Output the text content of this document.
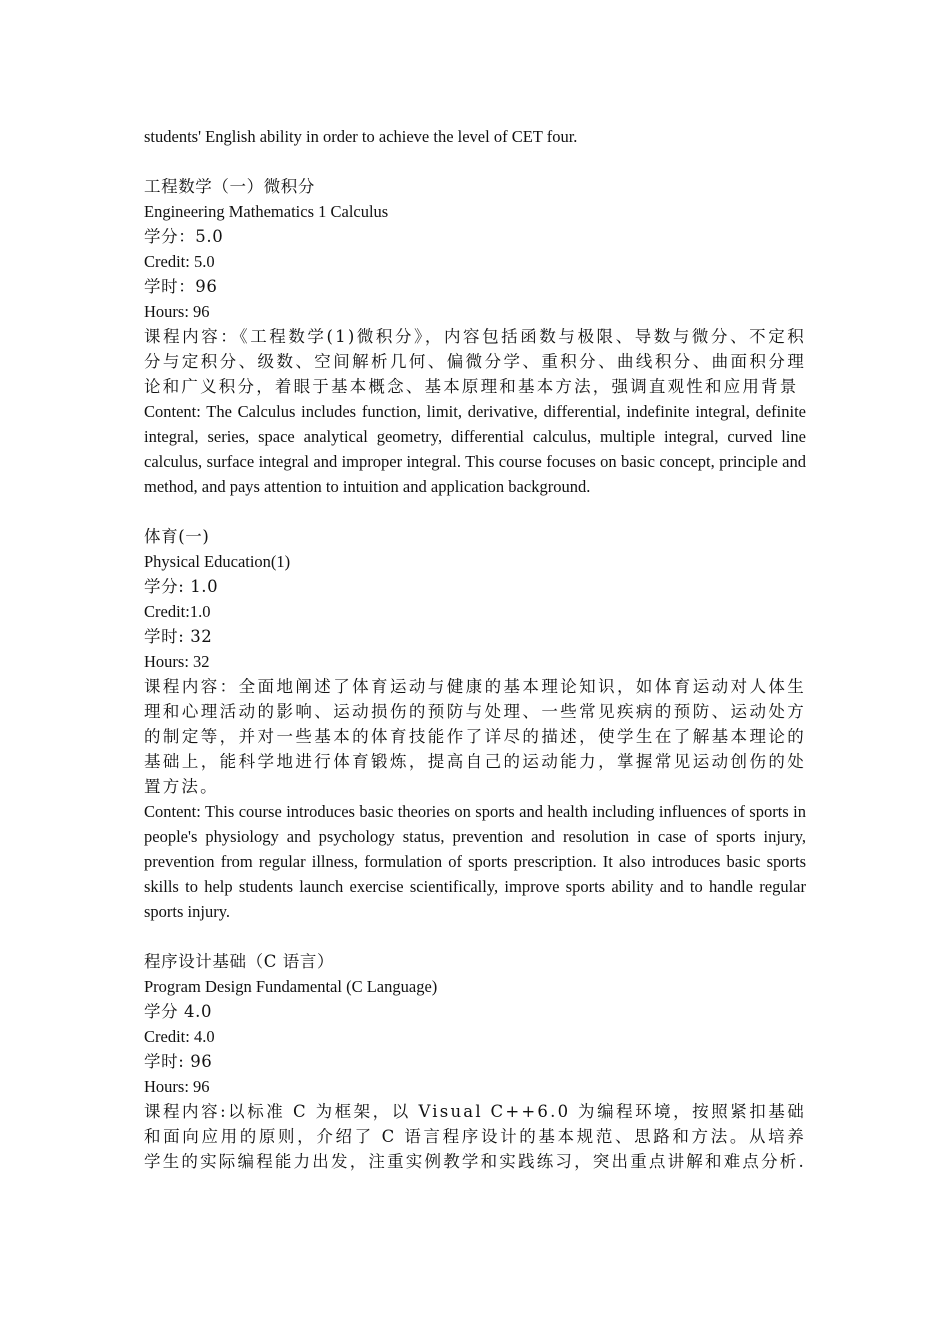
students' English ability in order to achieve the level of CET four.
工程数学（一）微积分
Engineering Mathematics 1 Calculus
学分：5.0
Credit: 5.0
学时：96
Hours: 96
课程内容：《工程数学(1)微积分》，内容包括函数与极限、导数与微分、不定积分与定积分、级数、空间解析几何、偏微分学、重积分、曲线积分、曲面积分理论和广义积分，着眼于基本概念、基本原理和基本方法，强调直观性和应用背景
Content: The Calculus includes function, limit, derivative, differential, indefinite integral, definite integral, series, space analytical geometry, differential calculus, multiple integral, curved line calculus, surface integral and improper integral. This course focuses on basic concept, principle and method, and pays attention to intuition and application background.
体育(一)
Physical Education(1)
学分: 1.0
Credit:1.0
学时: 32
Hours: 32
课程内容：全面地阐述了体育运动与健康的基本理论知识，如体育运动对人体生理和心理活动的影响、运动损伤的预防与处理、一些常见疾病的预防、运动处方的制定等，并对一些基本的体育技能作了详尽的描述，使学生在了解基本理论的基础上，能科学地进行体育锻炼，提高自己的运动能力，掌握常见运动创伤的处置方法。
Content: This course introduces basic theories on sports and health including influences of sports in people's physiology and psychology status, prevention and resolution in case of sports injury, prevention from regular illness, formulation of sports prescription. It also introduces basic sports skills to help students launch exercise scientifically, improve sports ability and to handle regular sports injury.
程序设计基础（C 语言）
Program Design Fundamental (C Language)
学分 4.0
Credit: 4.0
学时: 96
Hours: 96
课程内容:以标准 C 为框架，以 Visual C++6.0 为编程环境，按照紧扣基础和面向应用的原则，介绍了 C 语言程序设计的基本规范、思路和方法。从培养学生的实际编程能力出发，注重实例教学和实践练习，突出重点讲解和难点分析.
